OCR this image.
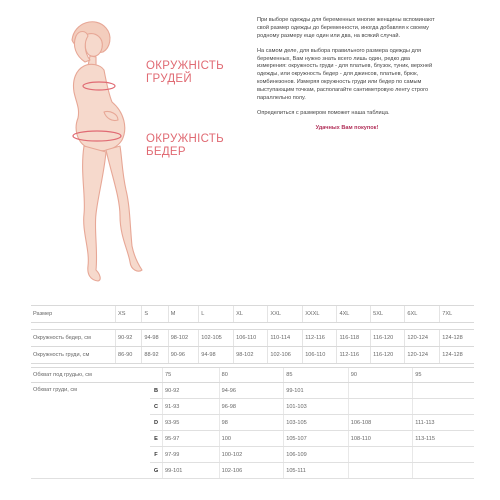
ОКРУЖНІСТЬ
ГРУДЕЙ
ОКРУЖНІСТЬ
БЕДЕР

При выборе одежды для беременных многие женщины вспоминают свой размер одежды до беременности, иногда добавляя к своему родному размеру еще один или два, на всякий случай.

На самом деле, для выбора правильного размера одежды для беременных, Вам нужно знать всего лишь один, редко два измерения: окружность груди - для платьев, блузок, туник, верхней одежды, или окружность бедер - для джинсов, платьев, брюк, комбинезонов. Измеряя окружность груди или бедер по самым выступающим точкам, располагайте сантиметровую ленту строго параллельно полу.

Определиться с размером поможет наша таблица.

Удачных Вам покупок!

Размер	XS	S	M	L	XL	XXL	XXXL	4XL	5XL	6XL	7XL

Окружность бедер, см	90-92	94-98	98-102	102-105	106-110	110-114	112-116	116-118	116-120	120-124	124-128
Окружность груди, см	86-90	88-92	90-96	94-98	98-102	102-106	106-110	112-116	116-120	120-124	124-128
Обхват под грудью, см		75	80	85	90	95
Обхват груди, см	B	90-92	94-96	99-101		
	C	91-93	96-98	101-103		
	D	93-95	98	103-105	106-108	111-113
	E	95-97	100	105-107	108-110	113-115
	F	97-99	100-102	106-109		
	G	99-101	102-106	105-111		
